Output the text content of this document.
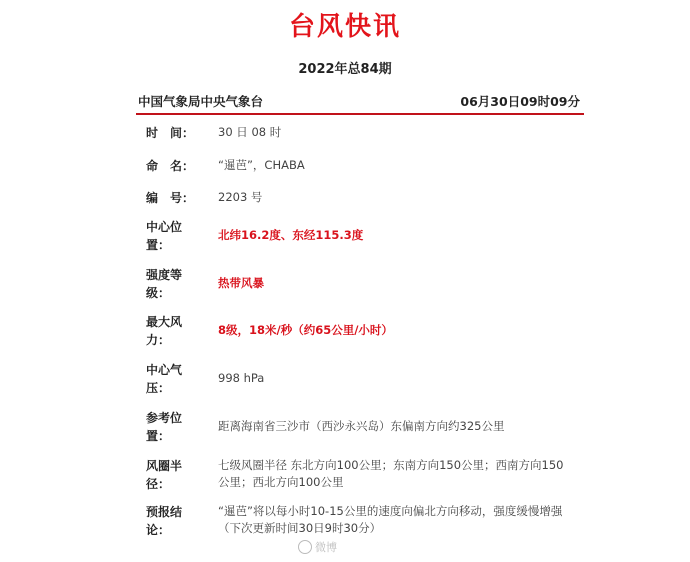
台风快讯
2022年总84期
中国气象局中央气象台	06月30日09时09分
时　间：	30 日 08 时
命　名：	“暹芭”，CHABA
编　号：	2203 号
中心位置：
北纬16.2度、东经115.3度
强度等级：
热带风暴
最大风力：
8级，18米/秒（约65公里/小时）
中心气压：
998 hPa
参考位置：
距离海南省三沙市（西沙永兴岛）东偏南方向约325公里
风圈半径：
七级风圈半径 东北方向100公里；东南方向150公里；西南方向150公里；西北方向100公里
预报结论：
“暹芭”将以每小时10-15公里的速度向偏北方向移动，强度缓慢增强
（下次更新时间30日9时30分）
微博
